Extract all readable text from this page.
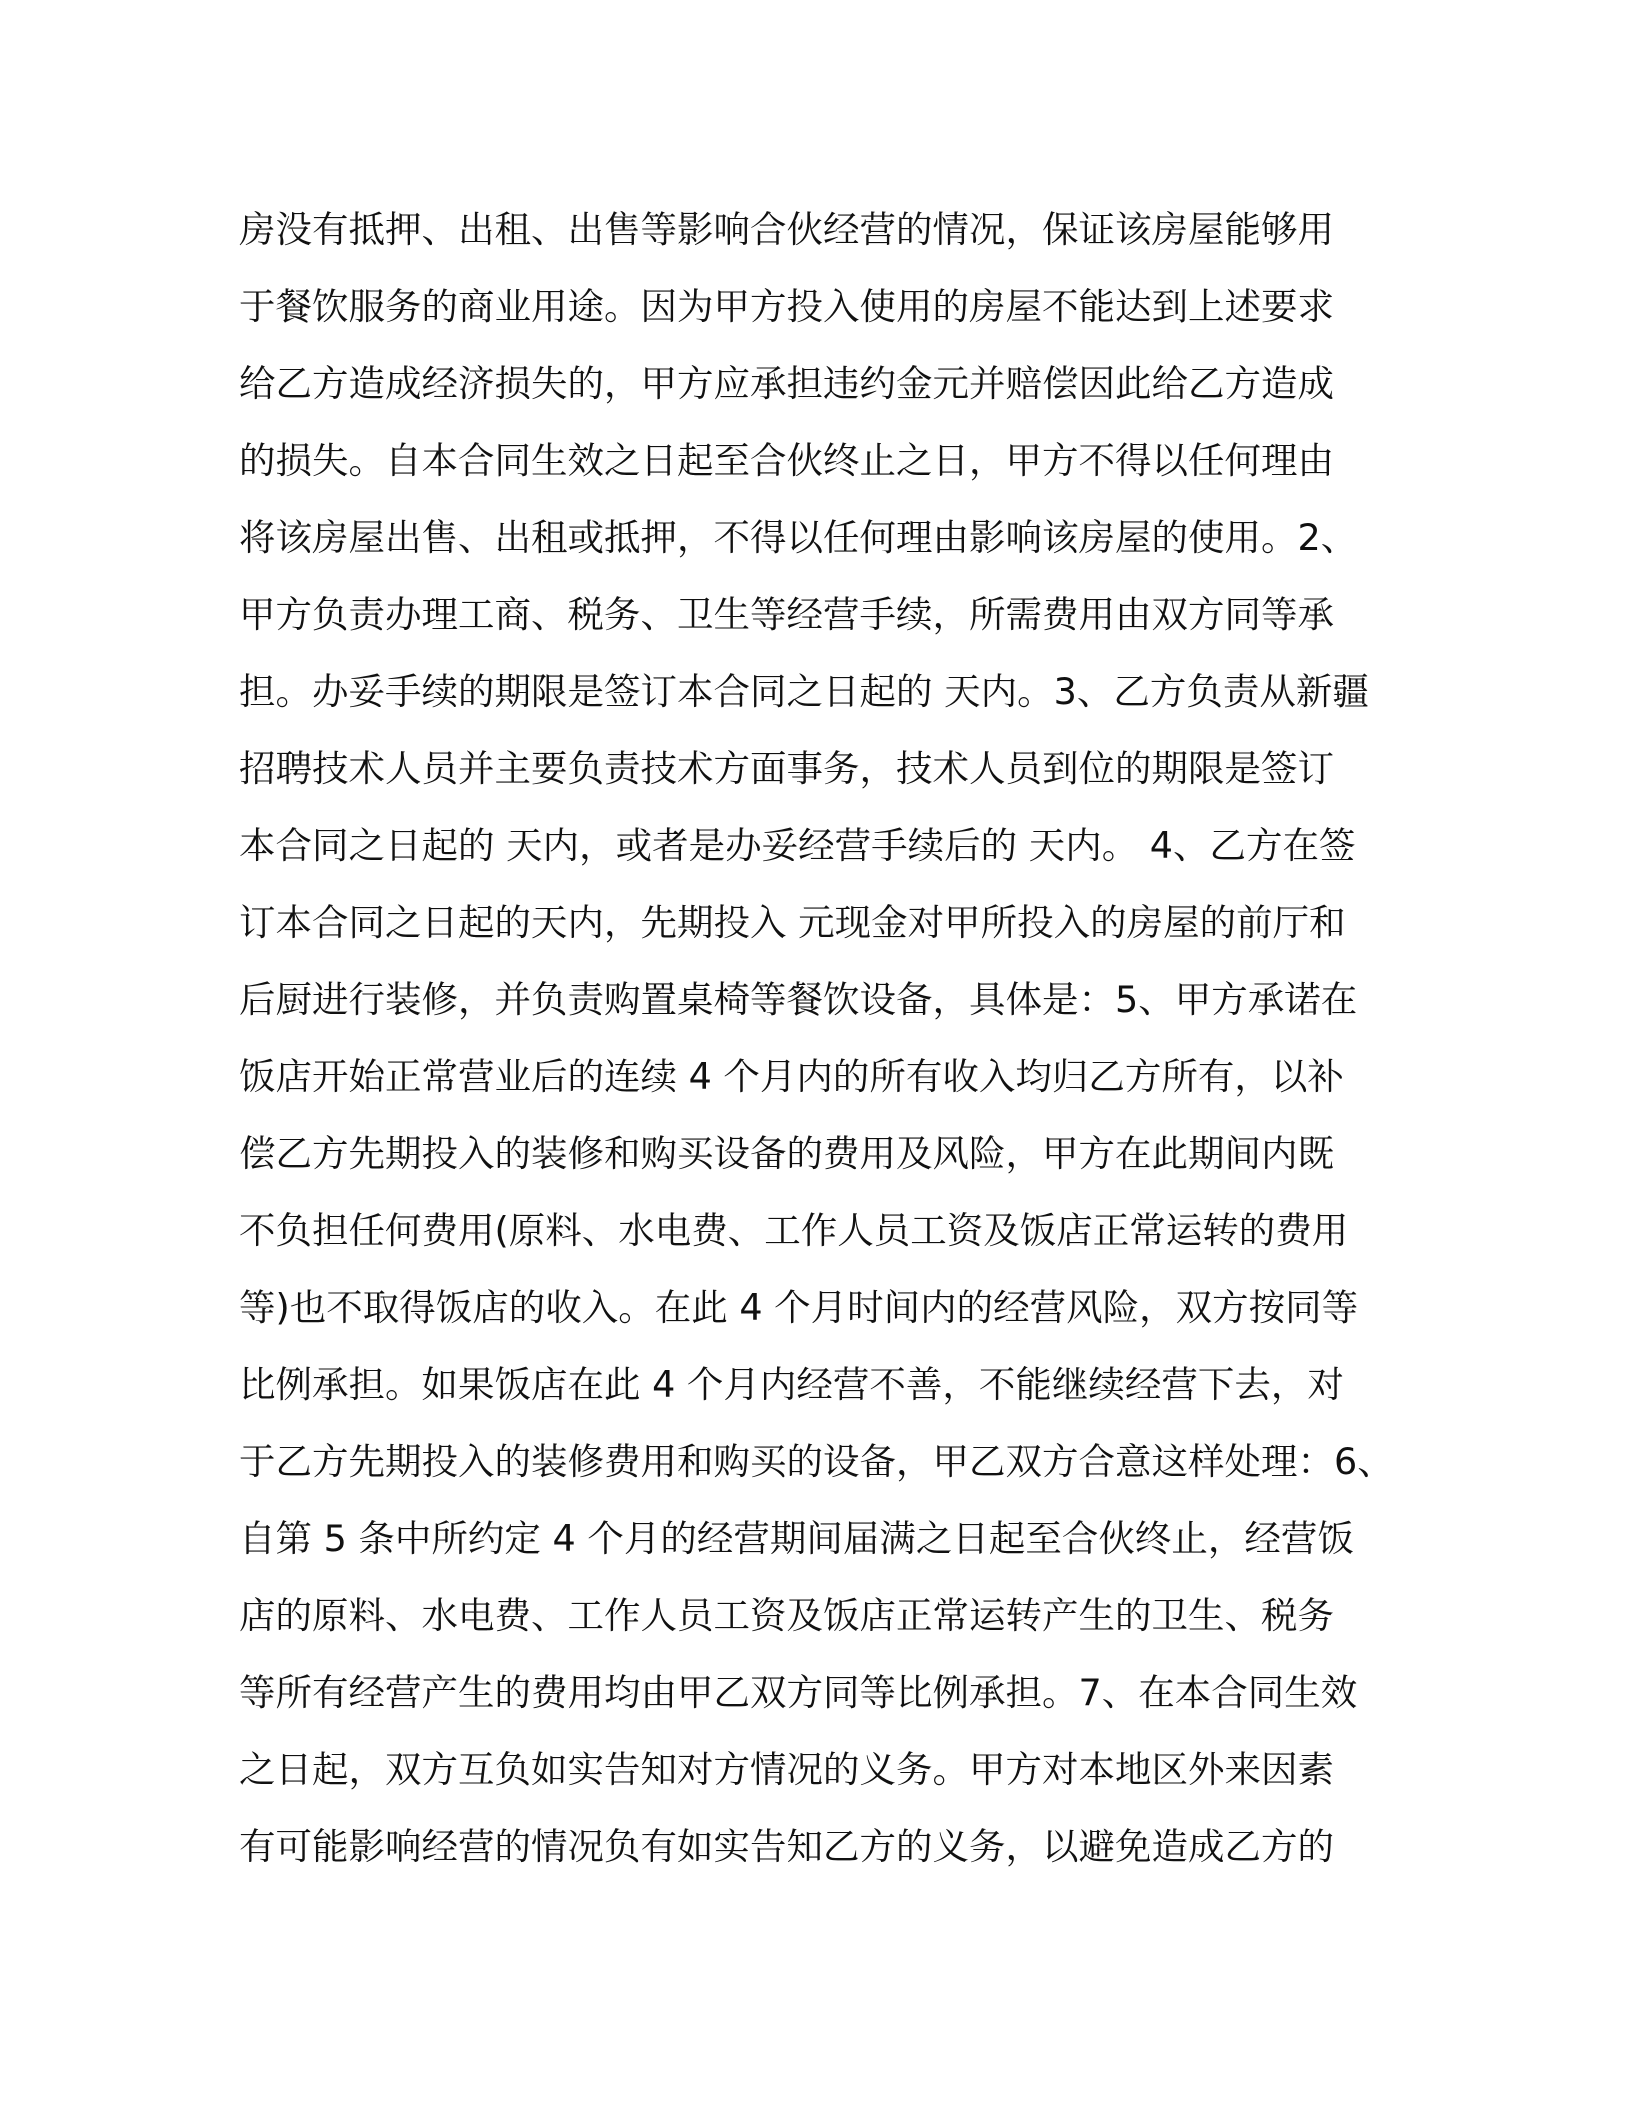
房没有抵押、出租、出售等影响合伙经营的情况，保证该房屋能够用
于餐饮服务的商业用途。因为甲方投入使用的房屋不能达到上述要求
给乙方造成经济损失的，甲方应承担违约金元并赔偿因此给乙方造成
的损失。自本合同生效之日起至合伙终止之日，甲方不得以任何理由
将该房屋出售、出租或抵押，不得以任何理由影响该房屋的使用。2、
甲方负责办理工商、税务、卫生等经营手续，所需费用由双方同等承
担。办妥手续的期限是签订本合同之日起的 天内。3、乙方负责从新疆
招聘技术人员并主要负责技术方面事务，技术人员到位的期限是签订
本合同之日起的 天内，或者是办妥经营手续后的 天内。 4、乙方在签
订本合同之日起的天内，先期投入 元现金对甲所投入的房屋的前厅和
后厨进行装修，并负责购置桌椅等餐饮设备，具体是：5、甲方承诺在
饭店开始正常营业后的连续 4 个月内的所有收入均归乙方所有，以补
偿乙方先期投入的装修和购买设备的费用及风险，甲方在此期间内既
不负担任何费用(原料、水电费、工作人员工资及饭店正常运转的费用
等)也不取得饭店的收入。在此 4 个月时间内的经营风险，双方按同等
比例承担。如果饭店在此 4 个月内经营不善，不能继续经营下去，对
于乙方先期投入的装修费用和购买的设备，甲乙双方合意这样处理：6、
自第 5 条中所约定 4 个月的经营期间届满之日起至合伙终止，经营饭
店的原料、水电费、工作人员工资及饭店正常运转产生的卫生、税务
等所有经营产生的费用均由甲乙双方同等比例承担。7、在本合同生效
之日起，双方互负如实告知对方情况的义务。甲方对本地区外来因素
有可能影响经营的情况负有如实告知乙方的义务，以避免造成乙方的
